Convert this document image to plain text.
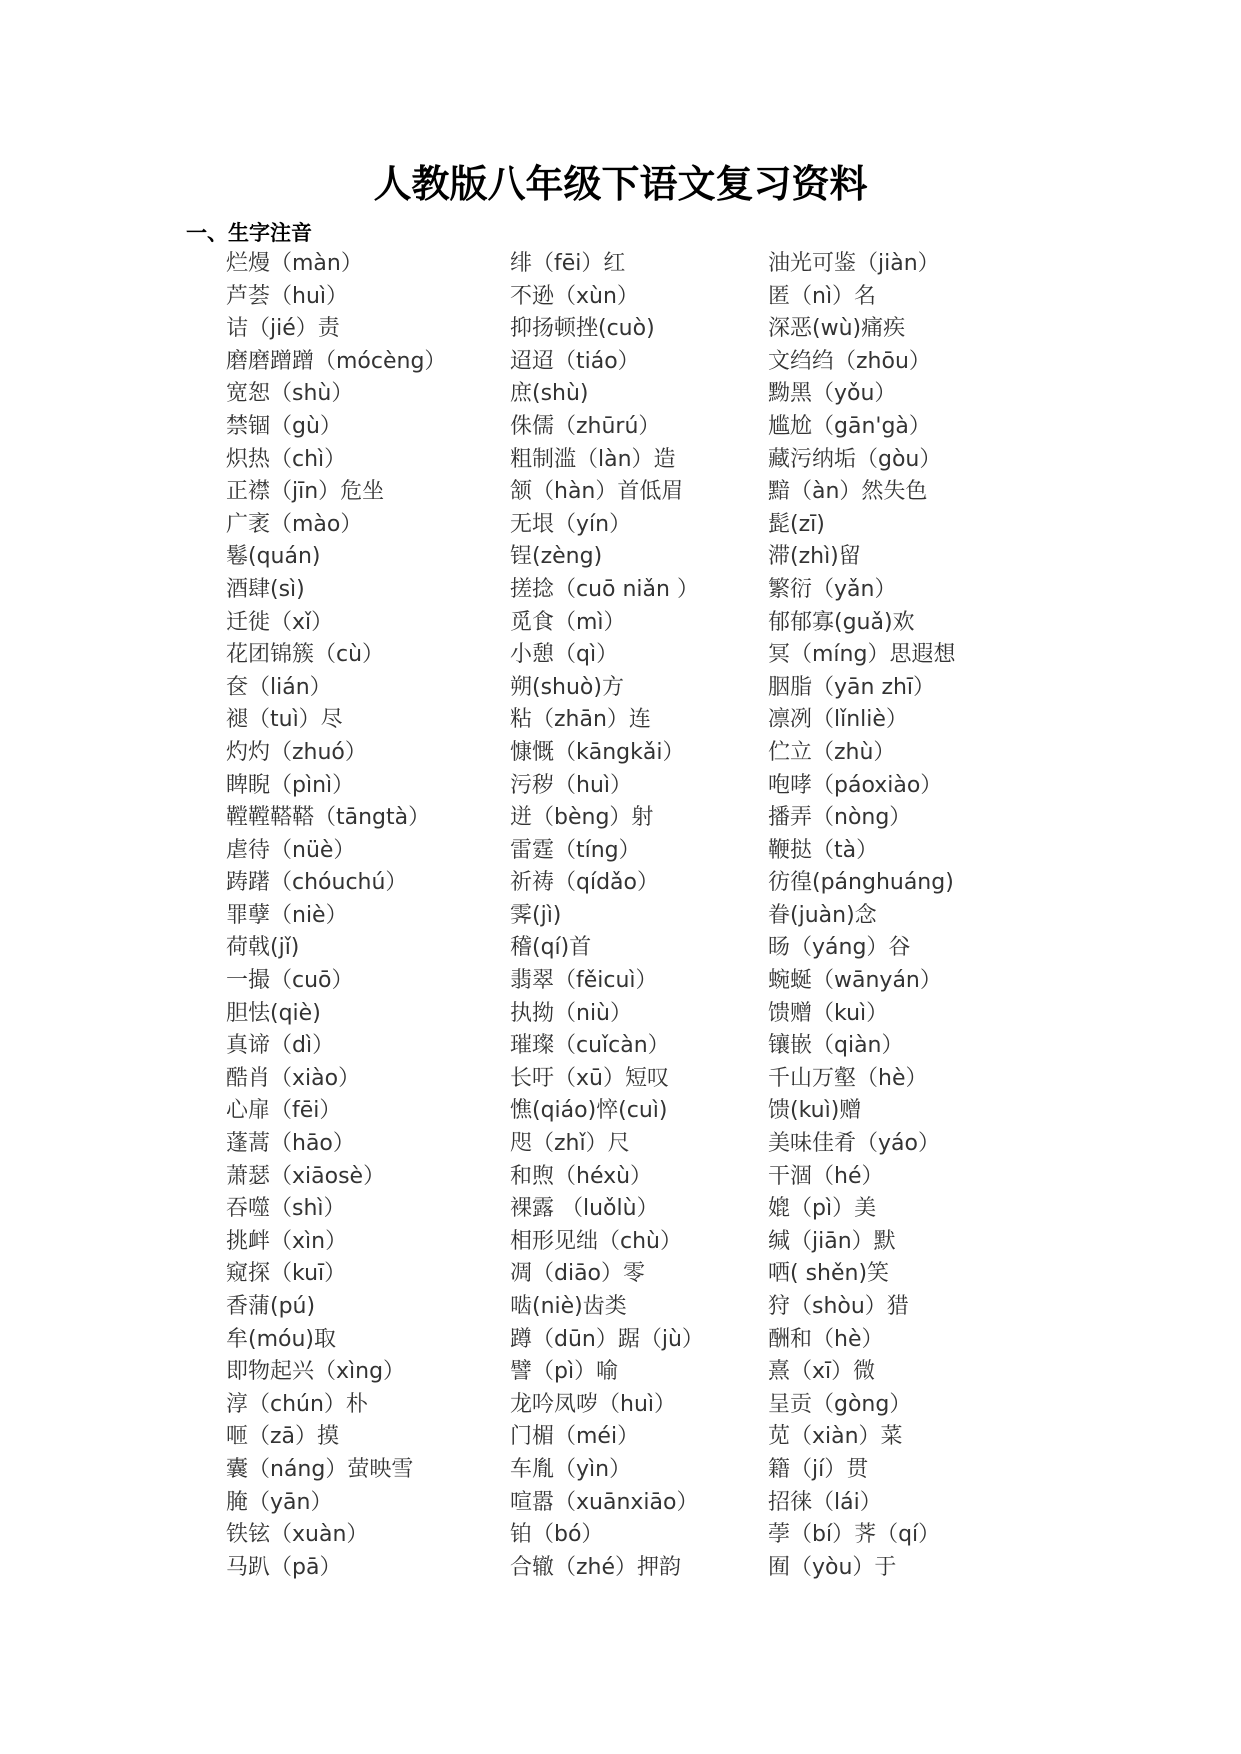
人教版八年级下语文复习资料
一、生字注音
烂熳（màn）
芦荟（huì）
诘（jié）责
磨磨蹭蹭（mócèng）
宽恕（shù）
禁锢（gù）
炽热（chì）
正襟（jīn）危坐
广袤（mào）
鬈(quán)
酒肆(sì)
迁徙（xǐ）
花团锦簇（cù）
奁（lián）
褪（tuì）尽
灼灼（zhuó）
睥睨（pìnì）
鞺鞺鞳鞳（tāngtà）
虐待（nüè）
踌躇（chóuchú）
罪孽（niè）
荷戟(jǐ)
一撮（cuō）
胆怯(qiè)
真谛（dì）
酷肖（xiào）
心扉（fēi）
蓬蒿（hāo）
萧瑟（xiāosè）
吞噬（shì）
挑衅（xìn）
窥探（kuī）
香蒲(pú)
牟(móu)取
即物起兴（xìng）
淳（chún）朴
咂（zā）摸
囊（náng）萤映雪
腌（yān）
铁铉（xuàn）
马趴（pā）
绯（fēi）红
不逊（xùn）
抑扬顿挫(cuò)
迢迢（tiáo）
庶(shù)
侏儒（zhūrú）
粗制滥（làn）造
颔（hàn）首低眉
无垠（yín）
锃(zèng)
搓捻（cuō niǎn ）
觅食（mì）
小憩（qì）
朔(shuò)方
粘（zhān）连
慷慨（kāngkǎi）
污秽（huì）
迸（bèng）射
雷霆（tíng）
祈祷（qídǎo）
霁(jì)
稽(qí)首
翡翠（fěicuì）
执拗（niù）
璀璨（cuǐcàn）
长吁（xū）短叹
憔(qiáo)悴(cuì)
咫（zhǐ）尺
和煦（héxù）
裸露 （luǒlù）
相形见绌（chù）
凋（diāo）零
啮(niè)齿类
蹲（dūn）踞（jù）
譬（pì）喻
龙吟凤哕（huì）
门楣（méi）
车胤（yìn）
喧嚣（xuānxiāo）
铂（bó）
合辙（zhé）押韵
油光可鉴（jiàn）
匿（nì）名
深恶(wù)痛疾
文绉绉（zhōu）
黝黑（yǒu）
尴尬（gān'gà）
藏污纳垢（gòu）
黯（àn）然失色
髭(zī)
滞(zhì)留
繁衍（yǎn）
郁郁寡(guǎ)欢
冥（míng）思遐想
胭脂（yān zhī）
凛冽（lǐnliè）
伫立（zhù）
咆哮（páoxiào）
播弄（nòng）
鞭挞（tà）
彷徨(pánghuáng)
眷(juàn)念
旸（yáng）谷
蜿蜒（wānyán）
馈赠（kuì）
镶嵌（qiàn）
千山万壑（hè）
馈(kuì)赠
美味佳肴（yáo）
干涸（hé）
媲（pì）美
缄（jiān）默
哂( shěn)笑
狩（shòu）猎
酬和（hè）
熹（xī）微
呈贡（gòng）
苋（xiàn）菜
籍（jí）贯
招徕（lái）
荸（bí）荠（qí）
囿（yòu）于
